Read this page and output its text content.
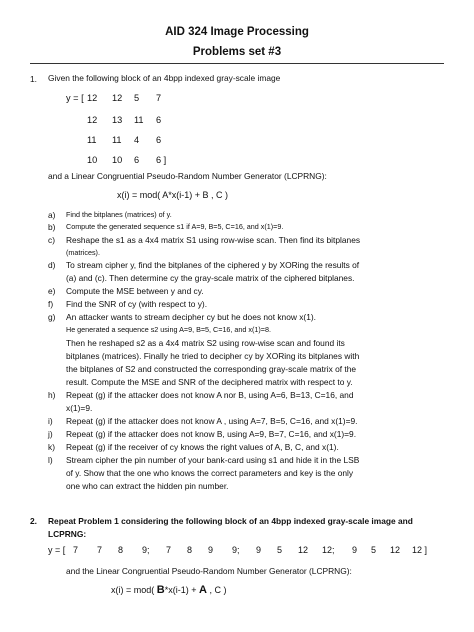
AID 324 Image Processing
Problems set #3
1. Given the following block of an 4bpp indexed gray-scale image
y = [ 12 12 5 7
12 13 11 6
11 11 4 6
10 10 6 6 ]
and a Linear Congruential Pseudo-Random Number Generator (LCPRNG):
x(i) = mod( A*x(i-1) + B , C )
a) Find the bitplanes (matrices) of y.
b) Compute the generated sequence s1 if A=9, B=5, C=16, and x(1)=9.
c) Reshape the s1 as a 4x4 matrix S1 using row-wise scan. Then find its bitplanes
(matrices).
d) To stream cipher y, find the bitplanes of the ciphered y by XORing the results of
(a) and (c). Then determine cy the gray-scale matrix of the ciphered bitplanes.
e) Compute the MSE between y and cy.
f) Find the SNR of cy (with respect to y).
g) An attacker wants to stream decipher cy but he does not know x(1).
He generated a sequence s2 using A=9, B=5, C=16, and x(1)=8.
Then he reshaped s2 as a 4x4 matrix S2 using row-wise scan and found its
bitplanes (matrices). Finally he tried to decipher cy by XORing its bitplanes with
the bitplanes of S2 and constructed the corresponding gray-scale matrix of the
result. Compute the MSE and SNR of the deciphered matrix with respect to y.
h) Repeat (g) if the attacker does not know A nor B, using A=6, B=13, C=16, and
x(1)=9.
i) Repeat (g) if the attacker does not know A , using A=7, B=5, C=16, and x(1)=9.
j) Repeat (g) if the attacker does not know B, using A=9, B=7, C=16, and x(1)=9.
k) Repeat (g) if the receiver of cy knows the right values of A, B, C, and x(1).
l) Stream cipher the pin number of your bank-card using s1 and hide it in the LSB
of y. Show that the one who knows the correct parameters and key is the only
one who can extract the hidden pin number.
2. Repeat Problem 1 considering the following block of an 4bpp indexed gray-scale image and
LCPRNG:
y = [ 7 7 8 9; 7 8 9 9; 9 5 12 12; 9 5 12 12 ]
and the Linear Congruential Pseudo-Random Number Generator (LCPRNG):
x(i) = mod( B*x(i-1) + A , C )
